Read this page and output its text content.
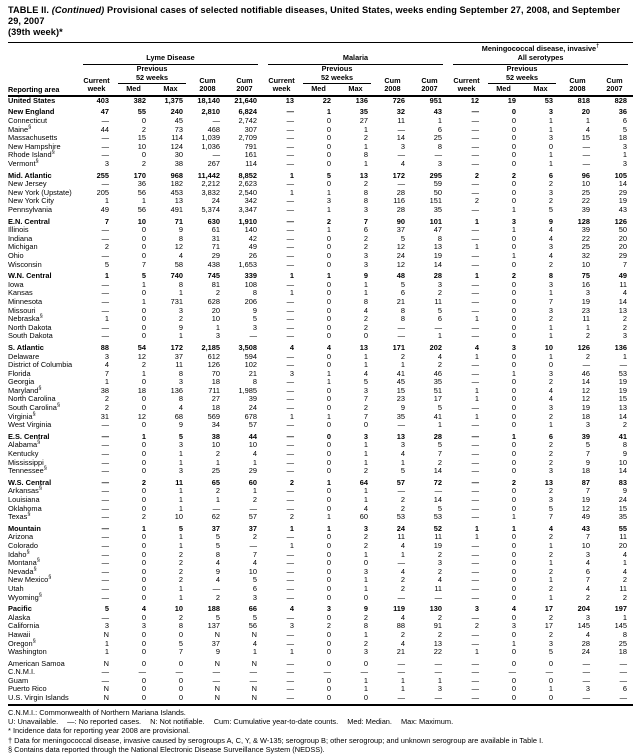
TABLE II. (Continued) Provisional cases of selected notifiable diseases, United States, weeks ending September 27, 2008, and September 29, 2007
(39th week)*
Reporting area	Lyme Disease					Malaria					Meningococcal disease, invasive†
All serotypes				

	Current
week	Previous
52 weeks		Cum
2008	Cum
2007	Current
week	Previous
52 weeks		Cum
2008	Cum
2007	Current
week	Previous
52 weeks		Cum
2008	Cum
2007
		Med	Max				Med	Max				Med	Max		
United States	403	382	1,375	18,140	21,640	13	22	136	726	951	12	19	53	818	828
New England	47	55	240	2,810	6,824	—	1	35	32	43	—	0	3	20	36
Connecticut	—	0	45	—	2,742	—	0	27	11	1	—	0	1	1	6
Maine§	44	2	73	468	307	—	0	1	—	6	—	0	1	4	5
Massachusetts	—	15	114	1,039	2,709	—	0	2	14	25	—	0	3	15	18
New Hampshire	—	10	124	1,036	791	—	0	1	3	8	—	0	0	—	3
Rhode Island§	—	0	30	—	161	—	0	8	—	—	—	0	1	—	1
Vermont§	3	2	38	267	114	—	0	1	4	3	—	0	1	—	3
Mid. Atlantic	255	170	968	11,442	8,852	1	5	13	172	295	2	2	6	96	105
New Jersey	—	36	182	2,212	2,623	—	0	2	—	59	—	0	2	10	14
New York (Upstate)	205	56	453	3,832	2,540	1	1	8	28	50	—	0	3	25	29
New York City	1	1	13	24	342	—	3	8	116	151	2	0	2	22	19
Pennsylvania	49	56	491	5,374	3,347	—	1	3	28	35	—	1	5	39	43
E.N. Central	7	10	71	630	1,910	—	2	7	90	101	1	3	9	128	126
Illinois	—	0	9	61	140	—	1	6	37	47	—	1	4	39	50
Indiana	—	0	8	31	42	—	0	2	5	8	—	0	4	22	20
Michigan	2	0	12	71	49	—	0	2	12	13	1	0	3	25	20
Ohio	—	0	4	29	26	—	0	3	24	19	—	1	4	32	29
Wisconsin	5	7	58	438	1,653	—	0	3	12	14	—	0	2	10	7
W.N. Central	1	5	740	745	339	1	1	9	48	28	1	2	8	75	49
Iowa	—	1	8	81	108	—	0	1	5	3	—	0	3	16	11
Kansas	—	0	1	2	8	1	0	1	6	2	—	0	1	3	4
Minnesota	—	1	731	628	206	—	0	8	21	11	—	0	7	19	14
Missouri	—	0	3	20	9	—	0	4	8	5	—	0	3	23	13
Nebraska§	1	0	2	10	5	—	0	2	8	6	1	0	2	11	2
North Dakota	—	0	9	1	3	—	0	2	—	—	—	0	1	1	2
South Dakota	—	0	1	3	—	—	0	0	—	1	—	0	1	2	3
S. Atlantic	88	54	172	2,185	3,508	4	4	13	171	202	4	3	10	126	136
Delaware	3	12	37	612	594	—	0	1	2	4	1	0	1	2	1
District of Columbia	4	2	11	126	102	—	0	1	1	2	—	0	0	—	—
Florida	7	1	8	70	21	3	1	4	41	46	—	1	3	46	53
Georgia	1	0	3	18	8	—	1	5	45	35	—	0	2	14	19
Maryland§	38	18	136	711	1,985	—	0	3	15	51	1	0	4	12	19
North Carolina	2	0	8	27	39	—	0	7	23	17	1	0	4	12	15
South Carolina§	2	0	4	18	24	—	0	2	9	5	—	0	3	19	13
Virginia§	31	12	68	569	678	1	1	7	35	41	1	0	2	18	14
West Virginia	—	0	9	34	57	—	0	0	—	1	—	0	1	3	2
E.S. Central	—	1	5	38	44	—	0	3	13	28	—	1	6	39	41
Alabama§	—	0	3	10	10	—	0	1	3	5	—	0	2	5	8
Kentucky	—	0	1	2	4	—	0	1	4	7	—	0	2	7	9
Mississippi	—	0	1	1	1	—	0	1	1	2	—	0	2	9	10
Tennessee§	—	0	3	25	29	—	0	2	5	14	—	0	3	18	14
W.S. Central	—	2	11	65	60	2	1	64	57	72	—	2	13	87	83
Arkansas§	—	0	1	2	1	—	0	1	—	—	—	0	2	7	9
Louisiana	—	0	1	1	2	—	0	1	2	14	—	0	3	19	24
Oklahoma	—	0	1	—	—	—	0	4	2	5	—	0	5	12	15
Texas§	—	2	10	62	57	2	1	60	53	53	—	1	7	49	35
Mountain	—	1	5	37	37	1	1	3	24	52	1	1	4	43	55
Arizona	—	0	1	5	2	—	0	2	11	11	1	0	2	7	11
Colorado	—	0	1	5	—	1	0	2	4	19	—	0	1	10	20
Idaho§	—	0	2	8	7	—	0	1	1	2	—	0	2	3	4
Montana§	—	0	2	4	4	—	0	0	—	3	—	0	1	4	1
Nevada§	—	0	2	9	10	—	0	3	4	2	—	0	2	6	4
New Mexico§	—	0	2	4	5	—	0	1	2	4	—	0	1	7	2
Utah	—	0	1	—	6	—	0	1	2	11	—	0	2	4	11
Wyoming§	—	0	1	2	3	—	0	0	—	—	—	0	1	2	2
Pacific	5	4	10	188	66	4	3	9	119	130	3	4	17	204	197
Alaska	—	0	2	5	5	—	0	2	4	2	—	0	2	3	1
California	3	3	8	137	56	3	2	8	88	91	2	3	17	145	145
Hawaii	N	0	0	N	N	—	0	1	2	2	—	0	2	4	8
Oregon§	1	0	5	37	4	—	0	2	4	13	—	1	3	28	25
Washington	1	0	7	9	1	1	0	3	21	22	1	0	5	24	18
American Samoa	N	0	0	N	N	—	0	0	—	—	—	0	0	—	—
C.N.M.I.	—	—	—	—	—	—	—	—	—	—	—	—	—	—	—
Guam	—	0	0	—	—	—	0	1	1	1	—	0	0	—	—
Puerto Rico	N	0	0	N	N	—	0	1	1	3	—	0	1	3	6
U.S. Virgin Islands	N	0	0	N	N	—	0	0	—	—	—	0	0	—	—
C.N.M.I.: Commonwealth of Northern Mariana Islands.
U: Unavailable. —: No reported cases. N: Not notifiable. Cum: Cumulative year-to-date counts. Med: Median. Max: Maximum.
* Incidence data for reporting year 2008 are provisional.
† Data for meningococcal disease, invasive caused by serogroups A, C, Y, & W-135; serogroup B; other serogroup; and unknown serogroup are available in Table I.
§ Contains data reported through the National Electronic Disease Surveillance System (NEDSS).
